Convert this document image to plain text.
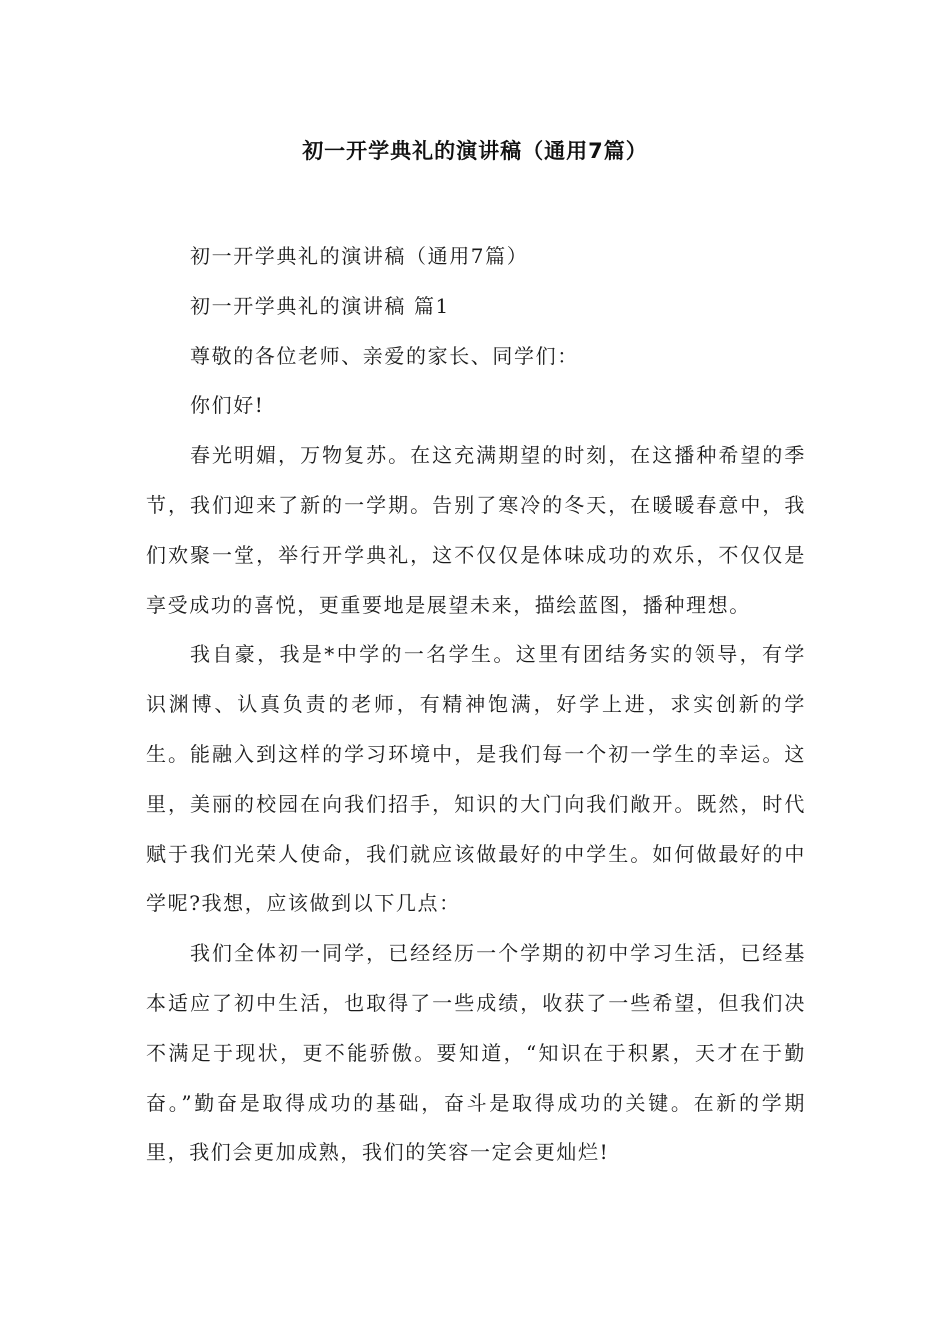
初一开学典礼的演讲稿（通用7篇）

初一开学典礼的演讲稿（通用7篇）

初一开学典礼的演讲稿 篇1

尊敬的各位老师、亲爱的家长、同学们：

你们好!

春光明媚，万物复苏。在这充满期望的时刻，在这播种希望的季节，我们迎来了新的一学期。告别了寒冷的冬天，在暖暖春意中，我们欢聚一堂，举行开学典礼，这不仅仅是体味成功的欢乐，不仅仅是享受成功的喜悦，更重要地是展望未来，描绘蓝图，播种理想。

我自豪，我是*中学的一名学生。这里有团结务实的领导，有学识渊博、认真负责的老师，有精神饱满，好学上进，求实创新的学生。能融入到这样的学习环境中，是我们每一个初一学生的幸运。这里，美丽的校园在向我们招手，知识的大门向我们敞开。既然，时代赋于我们光荣人使命，我们就应该做最好的中学生。如何做最好的中学呢?我想，应该做到以下几点：

我们全体初一同学，已经经历一个学期的初中学习生活，已经基本适应了初中生活，也取得了一些成绩，收获了一些希望，但我们决不满足于现状，更不能骄傲。要知道，“知识在于积累，天才在于勤奋。”勤奋是取得成功的基础，奋斗是取得成功的关键。在新的学期里，我们会更加成熟，我们的笑容一定会更灿烂!
